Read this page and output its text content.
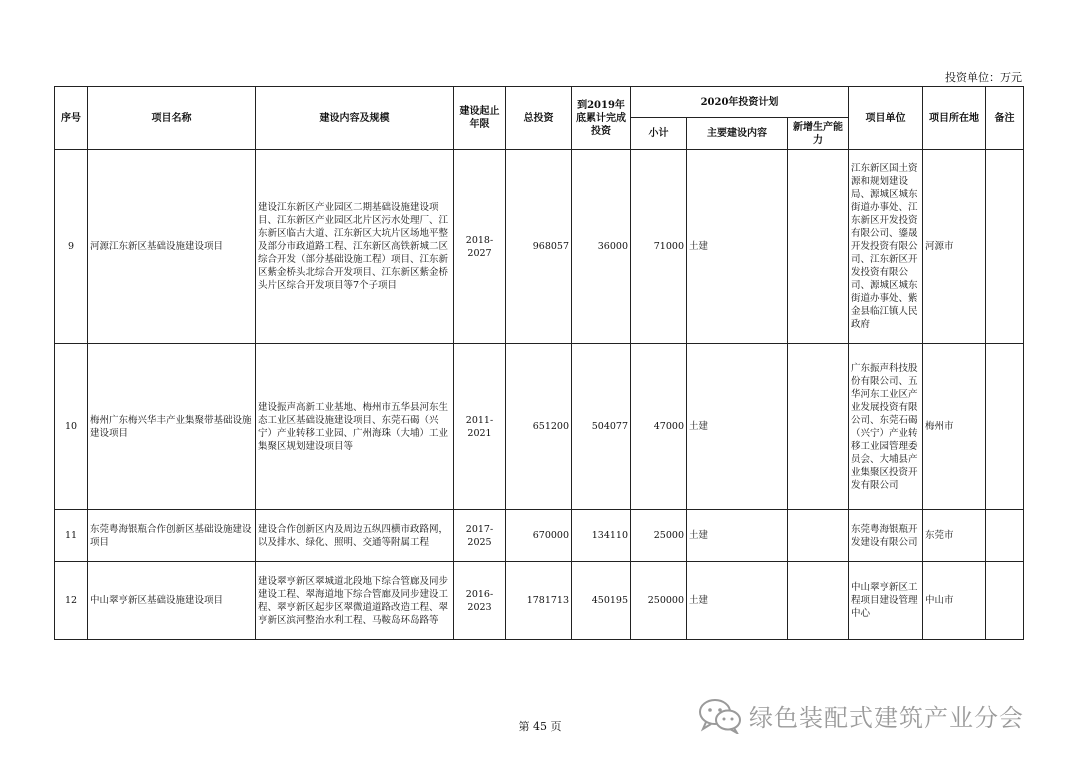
投资单位：万元
序号	项目名称	建设内容及规模	建设起止年限	总投资	到2019年底累计完成投资	2020年投资计划			项目单位	项目所在地	备注
						小计	主要建设内容	新增生产能力			
9	河源江东新区基础设施建设项目	建设江东新区产业园区二期基础设施建设项目、江东新区产业园区北片区污水处理厂、江东新区临古大道、江东新区大坑片区场地平整及部分市政道路工程、江东新区高铁新城二区综合开发（部分基础设施工程）项目、江东新区紫金桥头北综合开发项目、江东新区紫金桥头片区综合开发项目等7个子项目	2018-2027	968057	36000	71000	土建		江东新区国土资源和规划建设局、源城区城东街道办事处、江东新区开发投资有限公司、鎏晟开发投资有限公司、江东新区开发投资有限公司、源城区城东街道办事处、紫金县临江镇人民政府	河源市	
10	梅州广东梅兴华丰产业集聚带基础设施建设项目	建设振声高新工业基地、梅州市五华县河东生态工业区基础设施建设项目、东莞石碣（兴宁）产业转移工业园、广州海珠（大埔）工业集聚区规划建设项目等	2011-2021	651200	504077	47000	土建		广东振声科技股份有限公司、五华河东工业区产业发展投资有限公司、东莞石碣（兴宁）产业转移工业园管理委员会、大埔县产业集聚区投资开发有限公司	梅州市	
11	东莞粤海银瓶合作创新区基础设施建设项目	建设合作创新区内及周边五纵四横市政路网，以及排水、绿化、照明、交通等附属工程	2017-2025	670000	134110	25000	土建		东莞粤海银瓶开发建设有限公司	东莞市	
12	中山翠亨新区基础设施建设项目	建设翠亨新区翠城道北段地下综合管廊及同步建设工程、翠海道地下综合管廊及同步建设工程、翠亨新区起步区翠微道道路改造工程、翠亨新区滨河整治水利工程、马鞍岛环岛路等	2016-2023	1781713	450195	250000	土建		中山翠亨新区工程项目建设管理中心	中山市	
第 45 页	绿色装配式建筑产业分会
